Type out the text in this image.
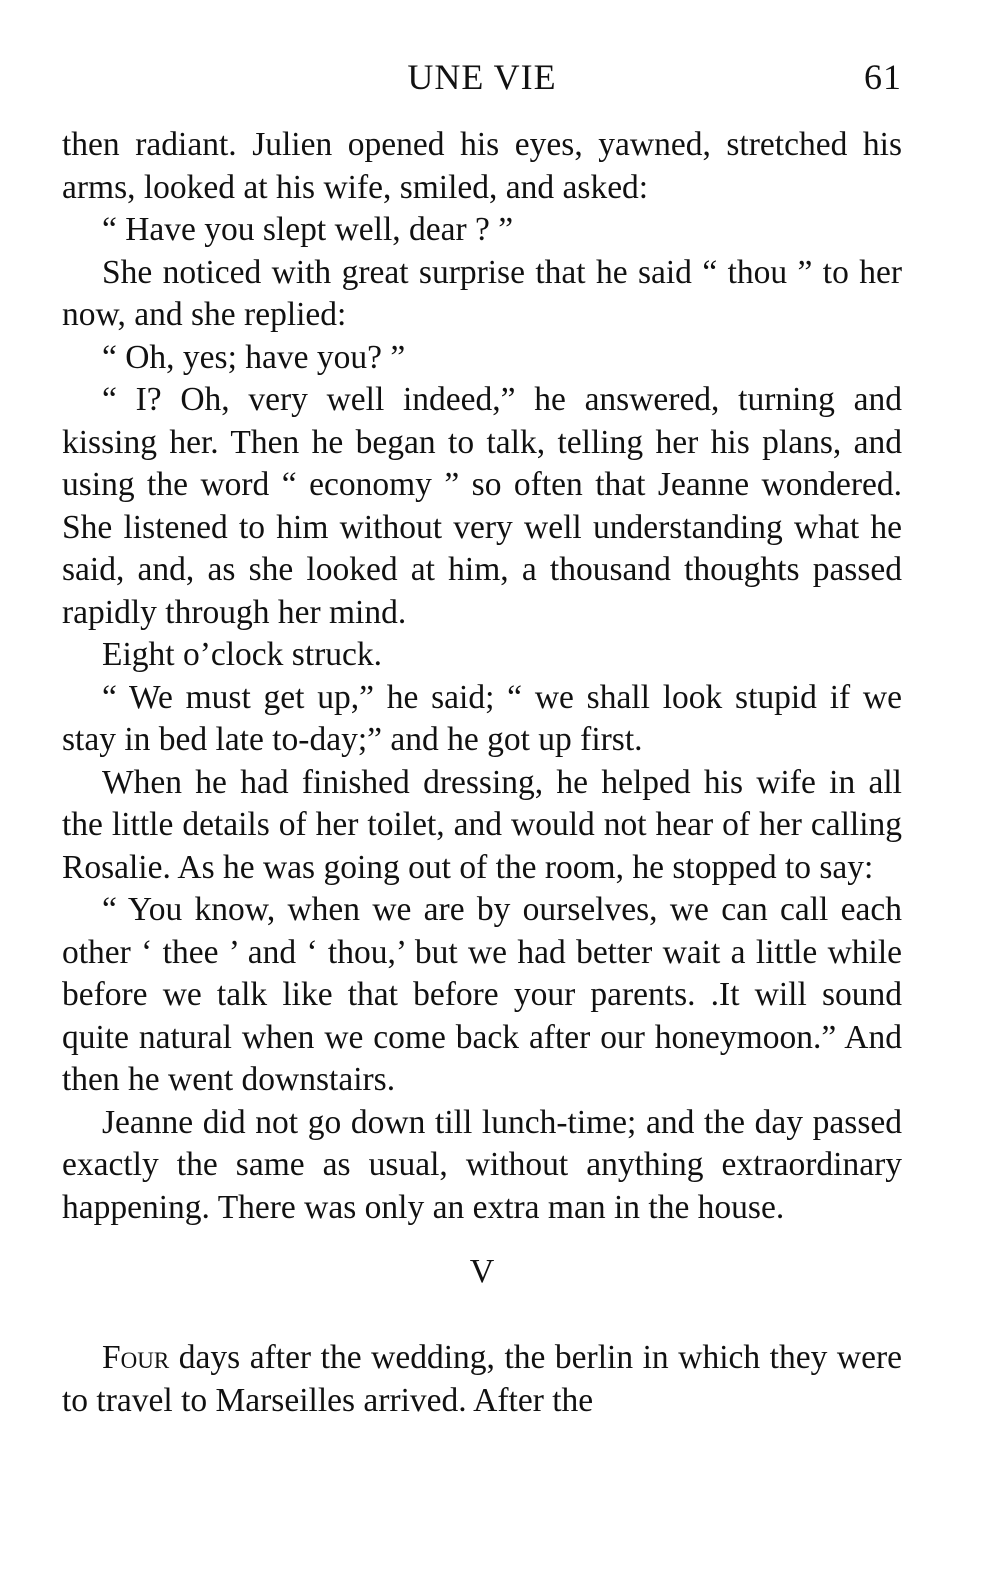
UNE VIE	61

then radiant. Julien opened his eyes, yawned, stretched his arms, looked at his wife, smiled, and asked:

“ Have you slept well, dear ? ”

She noticed with great surprise that he said “ thou ” to her now, and she replied:

“ Oh, yes; have you? ”

“ I? Oh, very well indeed,” he answered, turning and kissing her. Then he began to talk, telling her his plans, and using the word “ economy ” so often that Jeanne wondered. She listened to him without very well understanding what he said, and, as she looked at him, a thousand thoughts passed rapidly through her mind.

Eight o’clock struck.

“ We must get up,” he said; “ we shall look stupid if we stay in bed late to-day;” and he got up first.

When he had finished dressing, he helped his wife in all the little details of her toilet, and would not hear of her calling Rosalie. As he was going out of the room, he stopped to say:

“ You know, when we are by ourselves, we can call each other ‘ thee ’ and ‘ thou,’ but we had better wait a little while before we talk like that before your parents. .It will sound quite natural when we come back after our honeymoon.” And then he went downstairs.

Jeanne did not go down till lunch-time; and the day passed exactly the same as usual, without anything extraordinary happening. There was only an extra man in the house.

V

Four days after the wedding, the berlin in which they were to travel to Marseilles arrived. After the
